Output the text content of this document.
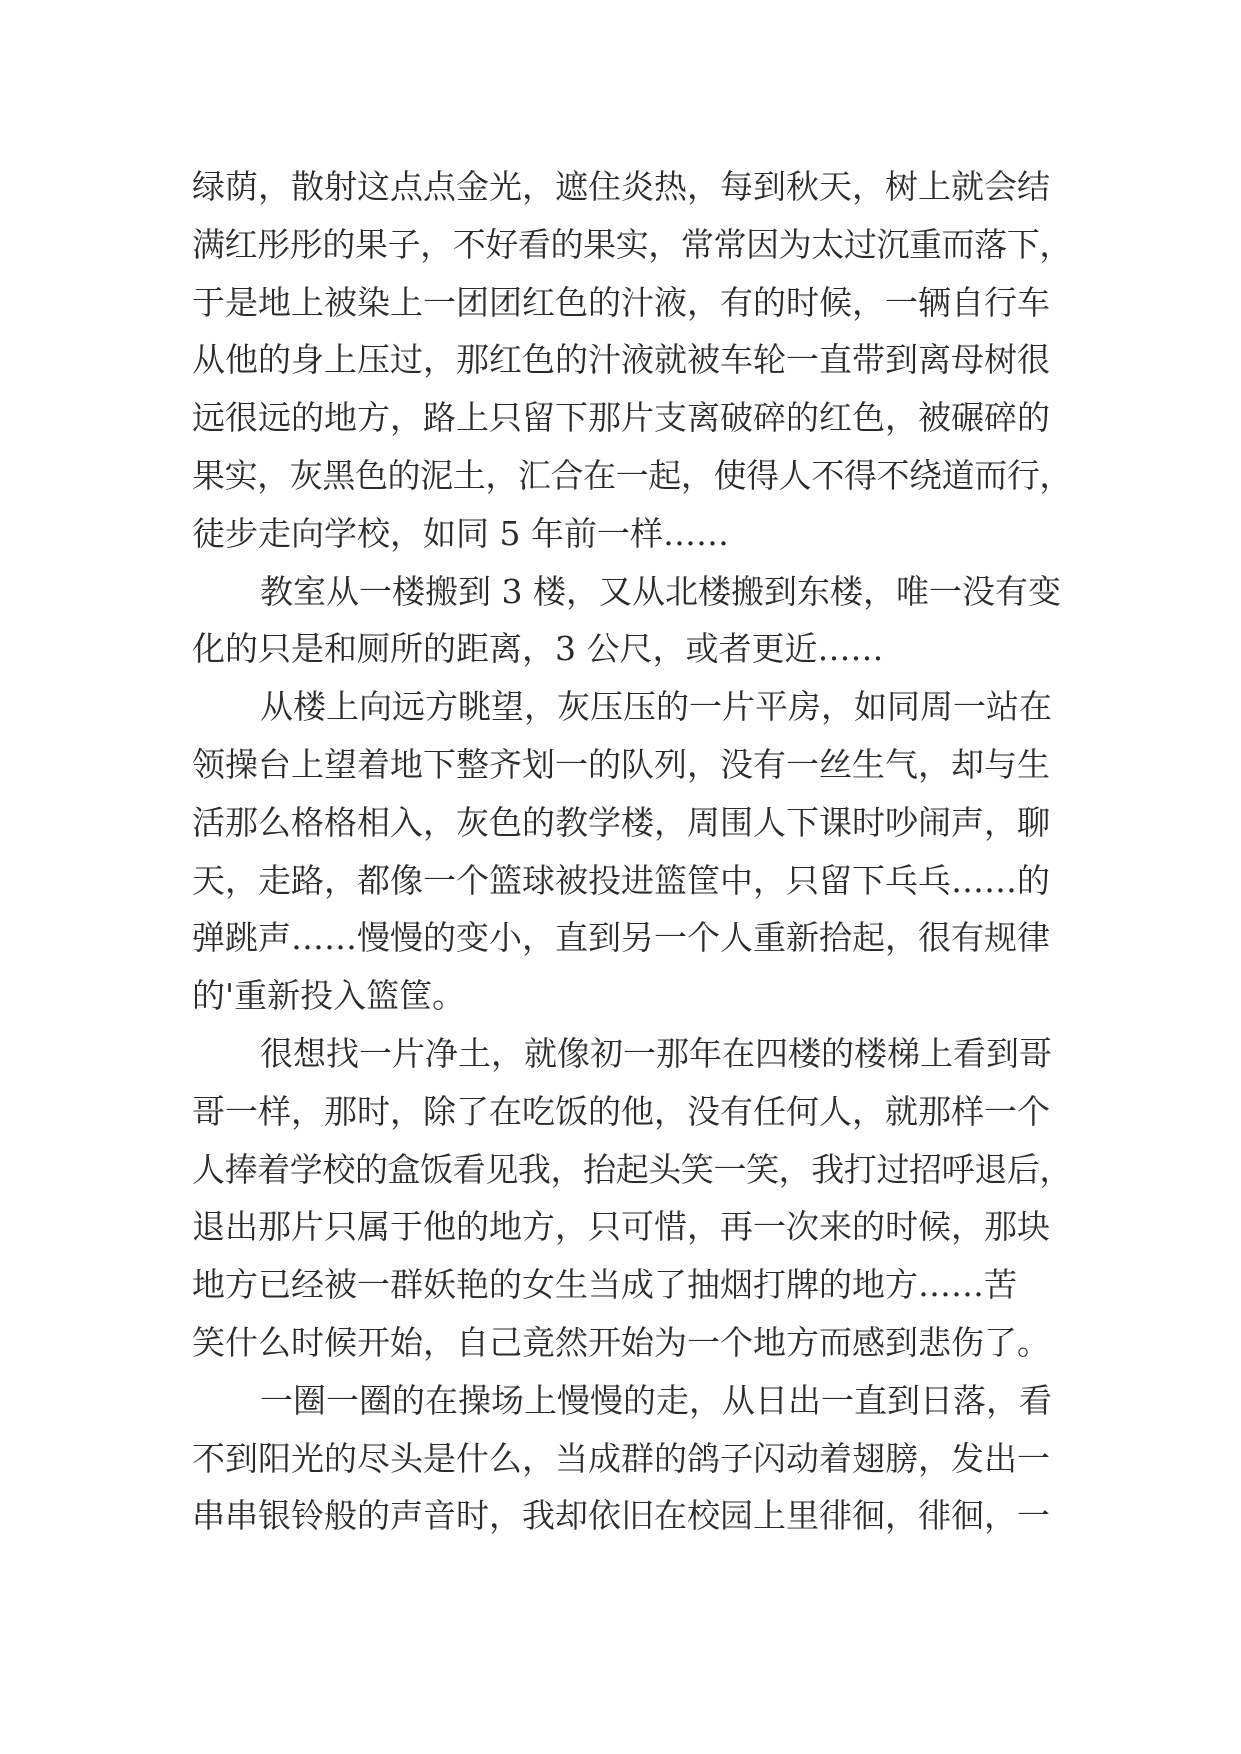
绿荫，散射这点点金光，遮住炎热，每到秋天，树上就会结
满红彤彤的果子，不好看的果实，常常因为太过沉重而落下，
于是地上被染上一团团红色的汁液，有的时候，一辆自行车
从他的身上压过，那红色的汁液就被车轮一直带到离母树很
远很远的地方，路上只留下那片支离破碎的红色，被碾碎的
果实，灰黑色的泥土，汇合在一起，使得人不得不绕道而行，
徒步走向学校，如同 5 年前一样……
教室从一楼搬到 3 楼，又从北楼搬到东楼，唯一没有变
化的只是和厕所的距离，3 公尺，或者更近……
从楼上向远方眺望，灰压压的一片平房，如同周一站在
领操台上望着地下整齐划一的队列，没有一丝生气，却与生
活那么格格相入，灰色的教学楼，周围人下课时吵闹声，聊
天，走路，都像一个篮球被投进篮筐中，只留下乓乓……的
弹跳声……慢慢的变小，直到另一个人重新拾起，很有规律
的'重新投入篮筐。
很想找一片净土，就像初一那年在四楼的楼梯上看到哥
哥一样，那时，除了在吃饭的他，没有任何人，就那样一个
人捧着学校的盒饭看见我，抬起头笑一笑，我打过招呼退后，
退出那片只属于他的地方，只可惜，再一次来的时候，那块
地方已经被一群妖艳的女生当成了抽烟打牌的地方……苦
笑什么时候开始，自己竟然开始为一个地方而感到悲伤了。
一圈一圈的在操场上慢慢的走，从日出一直到日落，看
不到阳光的尽头是什么，当成群的鸽子闪动着翅膀，发出一
串串银铃般的声音时，我却依旧在校园上里徘徊，徘徊，一
